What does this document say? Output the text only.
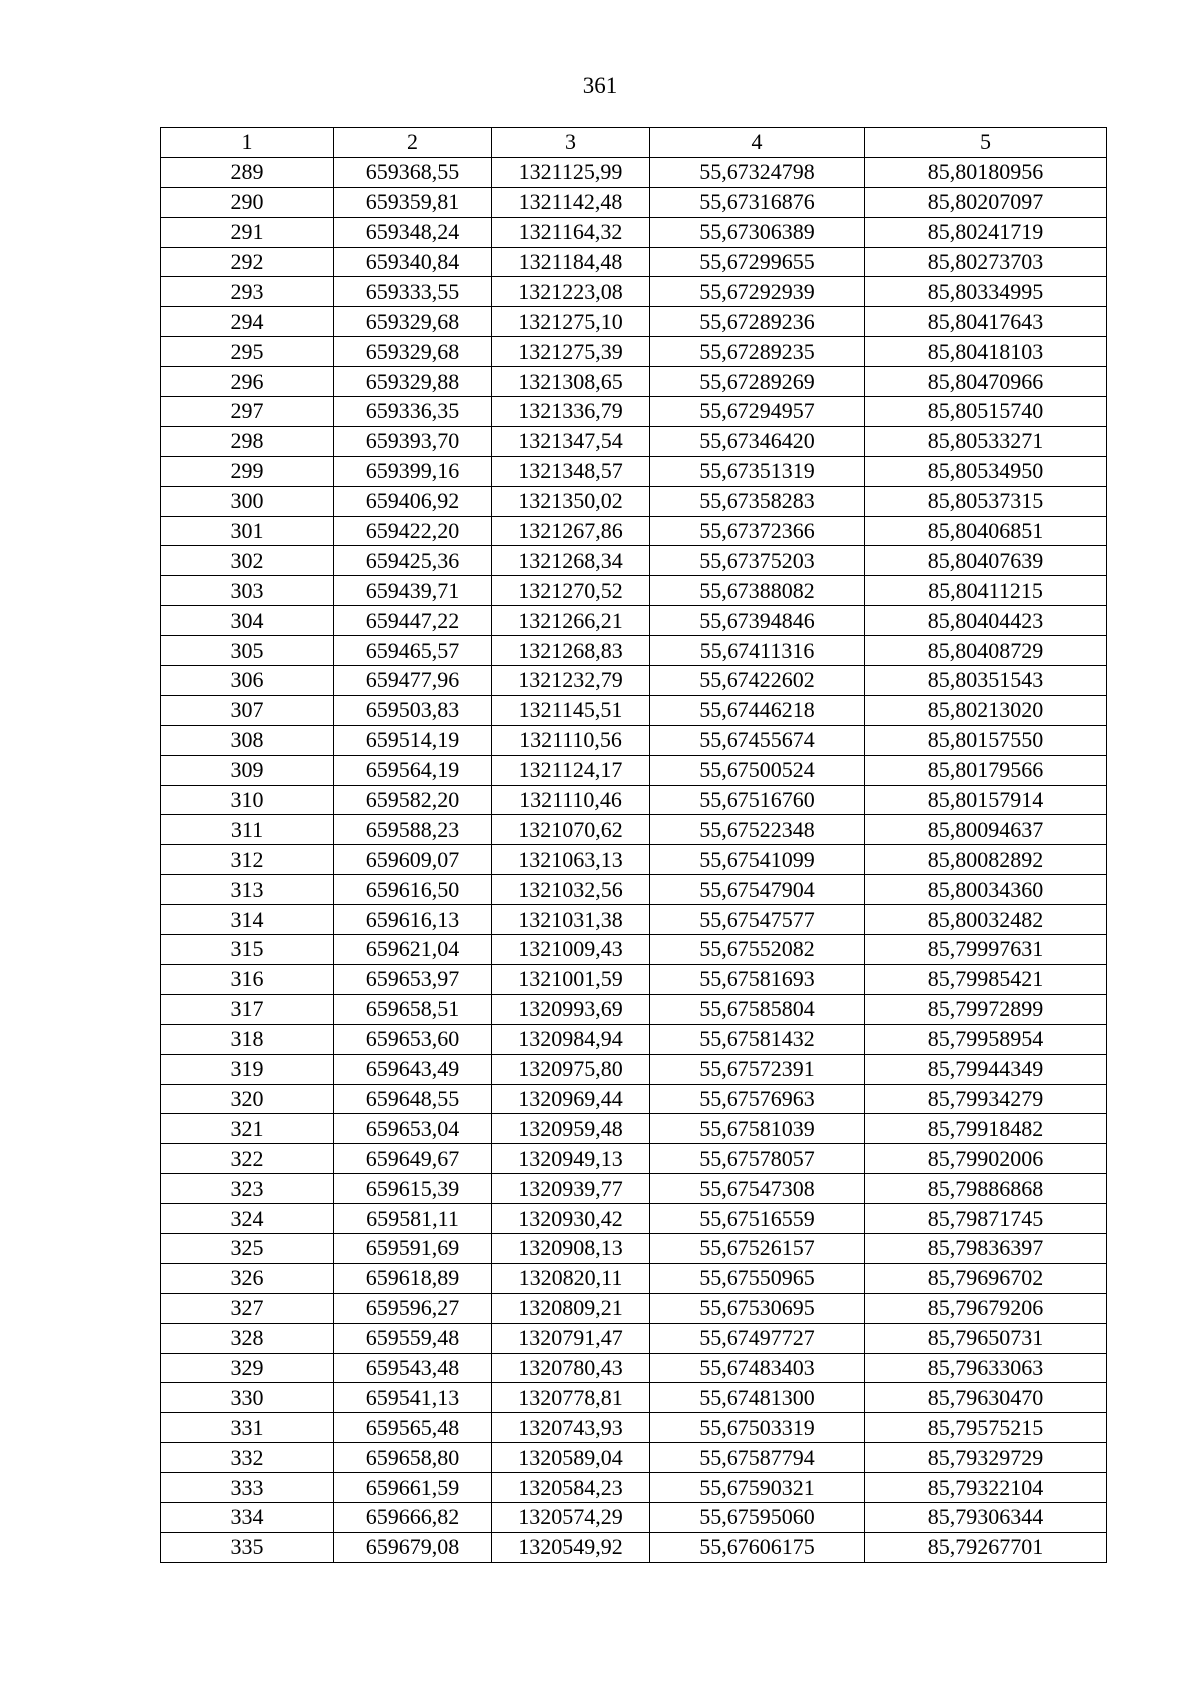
361
1	2	3	4	5
289	659368,55	1321125,99	55,67324798	85,80180956
290	659359,81	1321142,48	55,67316876	85,80207097
291	659348,24	1321164,32	55,67306389	85,80241719
292	659340,84	1321184,48	55,67299655	85,80273703
293	659333,55	1321223,08	55,67292939	85,80334995
294	659329,68	1321275,10	55,67289236	85,80417643
295	659329,68	1321275,39	55,67289235	85,80418103
296	659329,88	1321308,65	55,67289269	85,80470966
297	659336,35	1321336,79	55,67294957	85,80515740
298	659393,70	1321347,54	55,67346420	85,80533271
299	659399,16	1321348,57	55,67351319	85,80534950
300	659406,92	1321350,02	55,67358283	85,80537315
301	659422,20	1321267,86	55,67372366	85,80406851
302	659425,36	1321268,34	55,67375203	85,80407639
303	659439,71	1321270,52	55,67388082	85,80411215
304	659447,22	1321266,21	55,67394846	85,80404423
305	659465,57	1321268,83	55,67411316	85,80408729
306	659477,96	1321232,79	55,67422602	85,80351543
307	659503,83	1321145,51	55,67446218	85,80213020
308	659514,19	1321110,56	55,67455674	85,80157550
309	659564,19	1321124,17	55,67500524	85,80179566
310	659582,20	1321110,46	55,67516760	85,80157914
311	659588,23	1321070,62	55,67522348	85,80094637
312	659609,07	1321063,13	55,67541099	85,80082892
313	659616,50	1321032,56	55,67547904	85,80034360
314	659616,13	1321031,38	55,67547577	85,80032482
315	659621,04	1321009,43	55,67552082	85,79997631
316	659653,97	1321001,59	55,67581693	85,79985421
317	659658,51	1320993,69	55,67585804	85,79972899
318	659653,60	1320984,94	55,67581432	85,79958954
319	659643,49	1320975,80	55,67572391	85,79944349
320	659648,55	1320969,44	55,67576963	85,79934279
321	659653,04	1320959,48	55,67581039	85,79918482
322	659649,67	1320949,13	55,67578057	85,79902006
323	659615,39	1320939,77	55,67547308	85,79886868
324	659581,11	1320930,42	55,67516559	85,79871745
325	659591,69	1320908,13	55,67526157	85,79836397
326	659618,89	1320820,11	55,67550965	85,79696702
327	659596,27	1320809,21	55,67530695	85,79679206
328	659559,48	1320791,47	55,67497727	85,79650731
329	659543,48	1320780,43	55,67483403	85,79633063
330	659541,13	1320778,81	55,67481300	85,79630470
331	659565,48	1320743,93	55,67503319	85,79575215
332	659658,80	1320589,04	55,67587794	85,79329729
333	659661,59	1320584,23	55,67590321	85,79322104
334	659666,82	1320574,29	55,67595060	85,79306344
335	659679,08	1320549,92	55,67606175	85,79267701
